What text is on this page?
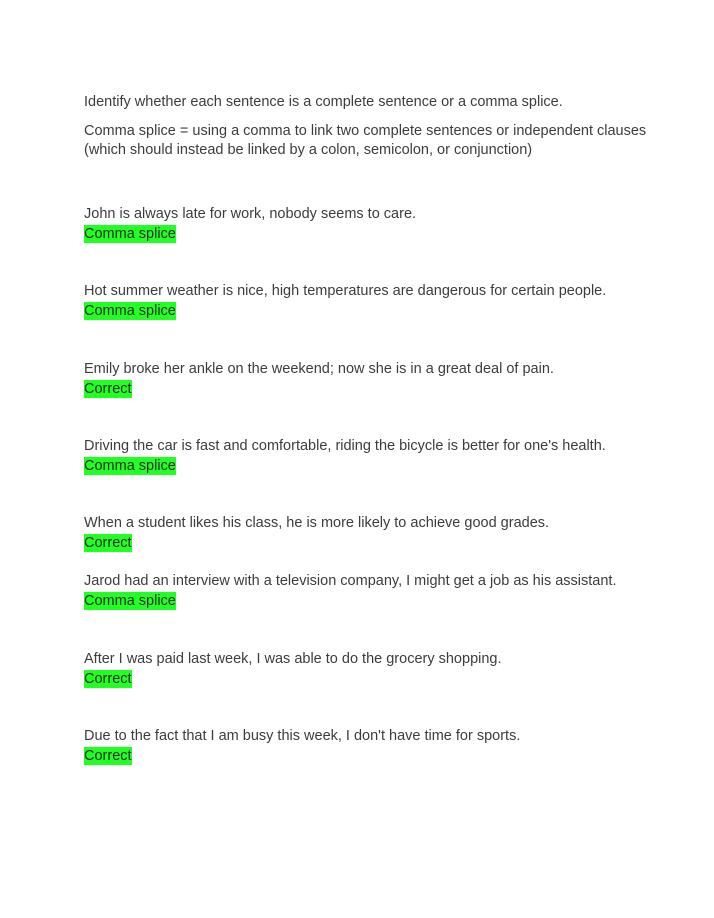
Identify whether each sentence is a complete sentence or a comma splice.

Comma splice = using a comma to link two complete sentences or independent clauses (which should instead be linked by a colon, semicolon, or conjunction)

John is always late for work, nobody seems to care.
Comma splice
Hot summer weather is nice, high temperatures are dangerous for certain people.
Comma splice
Emily broke her ankle on the weekend; now she is in a great deal of pain.
Correct
Driving the car is fast and comfortable, riding the bicycle is better for one's health.
Comma splice
When a student likes his class, he is more likely to achieve good grades.
Correct
Jarod had an interview with a television company, I might get a job as his assistant.
Comma splice
After I was paid last week, I was able to do the grocery shopping.
Correct
Due to the fact that I am busy this week, I don't have time for sports.
Correct
